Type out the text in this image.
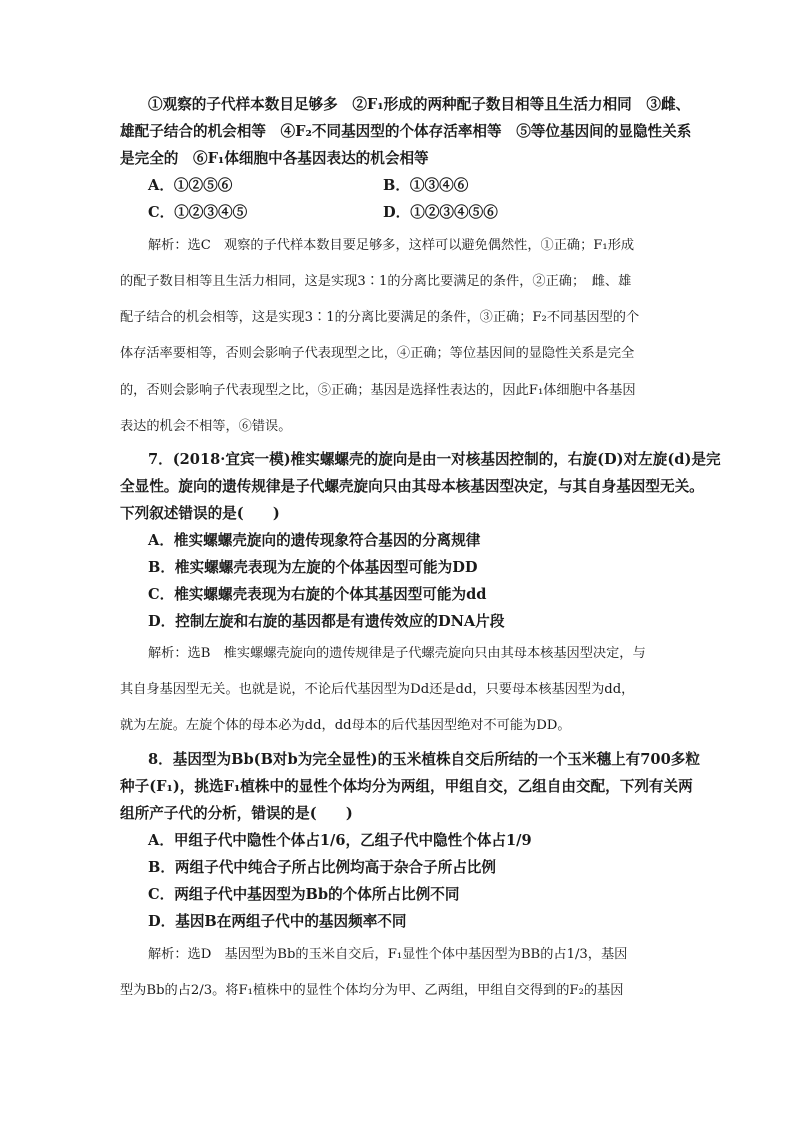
①观察的子代样本数目足够多　②F₁形成的两种配子数目相等且生活力相同　③雌、
雄配子结合的机会相等　④F₂不同基因型的个体存活率相等　⑤等位基因间的显隐性关系
是完全的　⑥F₁体细胞中各基因表达的机会相等
A．①②⑤⑥	B．①③④⑥
C．①②③④⑤	D．①②③④⑤⑥
解析：选C　观察的子代样本数目要足够多，这样可以避免偶然性，①正确；F₁形成
的配子数目相等且生活力相同，这是实现3∶1的分离比要满足的条件，②正确；　雌、雄
配子结合的机会相等，这是实现3∶1的分离比要满足的条件，③正确；F₂不同基因型的个
体存活率要相等，否则会影响子代表现型之比，④正确；等位基因间的显隐性关系是完全
的，否则会影响子代表现型之比，⑤正确；基因是选择性表达的，因此F₁体细胞中各基因
表达的机会不相等，⑥错误。
7．(2018·宜宾一模)椎实螺螺壳的旋向是由一对核基因控制的，右旋(D)对左旋(d)是完
全显性。旋向的遗传规律是子代螺壳旋向只由其母本核基因型决定，与其自身基因型无关。
下列叙述错误的是(　　)
A．椎实螺螺壳旋向的遗传现象符合基因的分离规律
B．椎实螺螺壳表现为左旋的个体基因型可能为DD
C．椎实螺螺壳表现为右旋的个体其基因型可能为dd
D．控制左旋和右旋的基因都是有遗传效应的DNA片段
解析：选B　椎实螺螺壳旋向的遗传规律是子代螺壳旋向只由其母本核基因型决定，与
其自身基因型无关。也就是说，不论后代基因型为Dd还是dd，只要母本核基因型为dd，
就为左旋。左旋个体的母本必为dd，dd母本的后代基因型绝对不可能为DD。
8．基因型为Bb(B对b为完全显性)的玉米植株自交后所结的一个玉米穗上有700多粒
种子(F₁)，挑选F₁植株中的显性个体均分为两组，甲组自交，乙组自由交配，下列有关两
组所产子代的分析，错误的是(　　)
A．甲组子代中隐性个体占1/6，乙组子代中隐性个体占1/9
B．两组子代中纯合子所占比例均高于杂合子所占比例
C．两组子代中基因型为Bb的个体所占比例不同
D．基因B在两组子代中的基因频率不同
解析：选D　基因型为Bb的玉米自交后，F₁显性个体中基因型为BB的占1/3，基因
型为Bb的占2/3。将F₁植株中的显性个体均分为甲、乙两组，甲组自交得到的F₂的基因
